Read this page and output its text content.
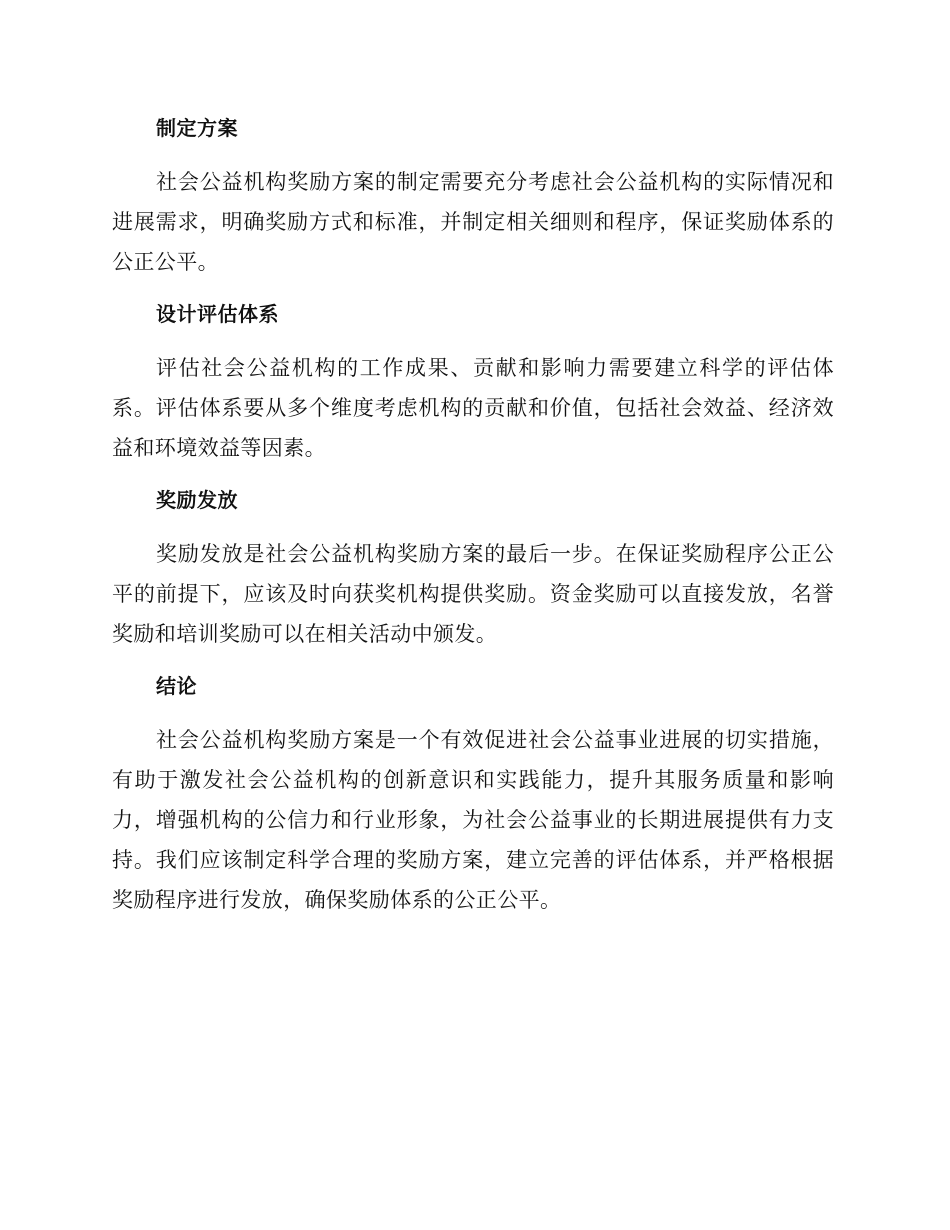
制定方案

社会公益机构奖励方案的制定需要充分考虑社会公益机构的实际情况和进展需求，明确奖励方式和标准，并制定相关细则和程序，保证奖励体系的公正公平。

设计评估体系

评估社会公益机构的工作成果、贡献和影响力需要建立科学的评估体系。评估体系要从多个维度考虑机构的贡献和价值，包括社会效益、经济效益和环境效益等因素。

奖励发放

奖励发放是社会公益机构奖励方案的最后一步。在保证奖励程序公正公平的前提下，应该及时向获奖机构提供奖励。资金奖励可以直接发放，名誉奖励和培训奖励可以在相关活动中颁发。

结论

社会公益机构奖励方案是一个有效促进社会公益事业进展的切实措施，有助于激发社会公益机构的创新意识和实践能力，提升其服务质量和影响力，增强机构的公信力和行业形象，为社会公益事业的长期进展提供有力支持。我们应该制定科学合理的奖励方案，建立完善的评估体系，并严格根据奖励程序进行发放，确保奖励体系的公正公平。
